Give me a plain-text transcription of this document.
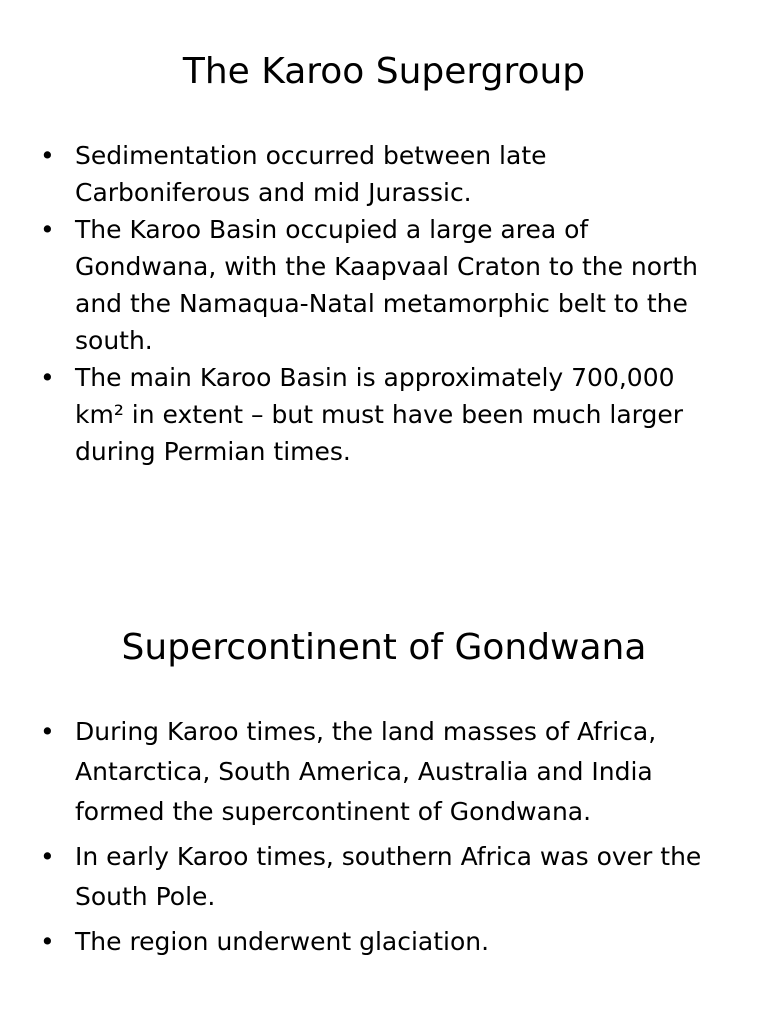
The Karoo Supergroup
• Sedimentation occurred between late Carboniferous and mid Jurassic.
• The Karoo Basin occupied a large area of Gondwana, with the Kaapvaal Craton to the north and the Namaqua-Natal metamorphic belt to the south.
• The main Karoo Basin is approximately 700,000 km² in extent – but must have been much larger during Permian times.
Supercontinent of Gondwana
• During Karoo times, the land masses of Africa, Antarctica, South America, Australia and India formed the supercontinent of Gondwana.
• In early Karoo times, southern Africa was over the South Pole.
• The region underwent glaciation.
